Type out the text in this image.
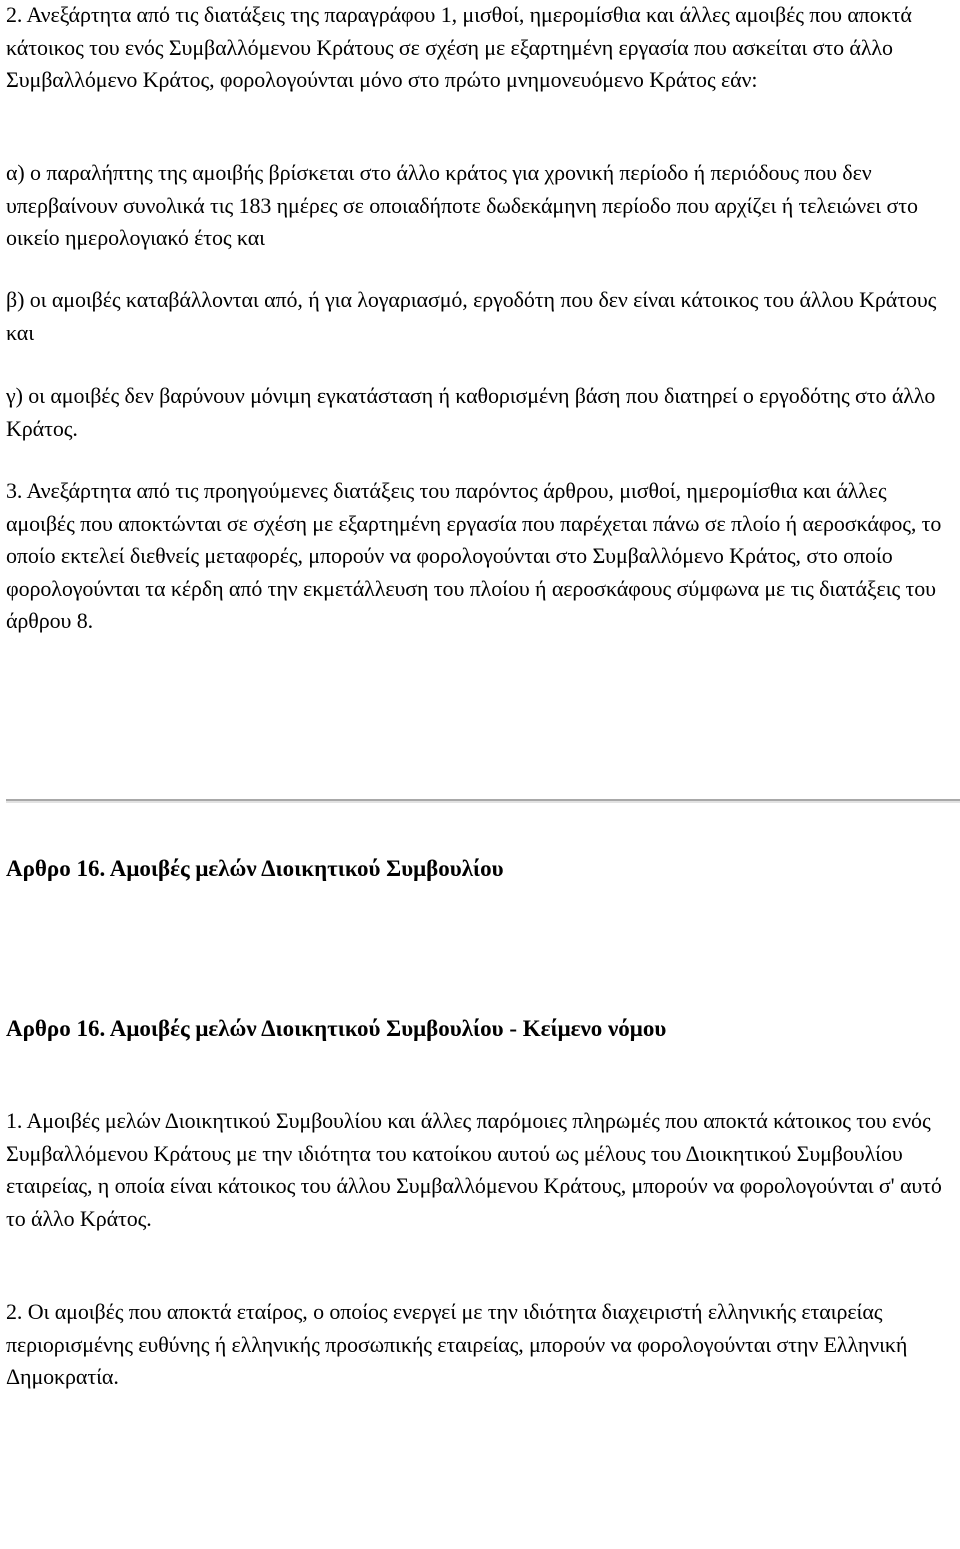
2. Ανεξάρτητα από τις διατάξεις της παραγράφου 1, μισθοί, ημερομίσθια και άλλες αμοιβές που αποκτά κάτοικος του ενός Συμβαλλόμενου Κράτους σε σχέση με εξαρτημένη εργασία που ασκείται στο άλλο Συμβαλλόμενο Κράτος, φορολογούνται μόνο στο πρώτο μνημονευόμενο Κράτος εάν:

α) ο παραλήπτης της αμοιβής βρίσκεται στο άλλο κράτος για χρονική περίοδο ή περιόδους που δεν υπερβαίνουν συνολικά τις 183 ημέρες σε οποιαδήποτε δωδεκάμηνη περίοδο που αρχίζει ή τελειώνει στο οικείο ημερολογιακό έτος και

β) οι αμοιβές καταβάλλονται από, ή για λογαριασμό, εργοδότη που δεν είναι κάτοικος του άλλου Κράτους και

γ) οι αμοιβές δεν βαρύνουν μόνιμη εγκατάσταση ή καθορισμένη βάση που διατηρεί ο εργοδότης στο άλλο Κράτος.

3. Ανεξάρτητα από τις προηγούμενες διατάξεις του παρόντος άρθρου, μισθοί, ημερομίσθια και άλλες αμοιβές που αποκτώνται σε σχέση με εξαρτημένη εργασία που παρέχεται πάνω σε πλοίο ή αεροσκάφος, το οποίο εκτελεί διεθνείς μεταφορές, μπορούν να φορολογούνται στο Συμβαλλόμενο Κράτος, στο οποίο φορολογούνται τα κέρδη από την εκμετάλλευση του πλοίου ή αεροσκάφους σύμφωνα με τις διατάξεις του άρθρου 8.

Αρθρο 16. Αμοιβές μελών Διοικητικού Συμβουλίου
Αρθρο 16. Αμοιβές μελών Διοικητικού Συμβουλίου - Κείμενο νόμου

1. Αμοιβές μελών Διοικητικού Συμβουλίου και άλλες παρόμοιες πληρωμές που αποκτά κάτοικος του ενός Συμβαλλόμενου Κράτους με την ιδιότητα του κατοίκου αυτού ως μέλους του Διοικητικού Συμβουλίου εταιρείας, η οποία είναι κάτοικος του άλλου Συμβαλλόμενου Κράτους, μπορούν να φορολογούνται σ' αυτό το άλλο Κράτος.

2. Οι αμοιβές που αποκτά εταίρος, ο οποίος ενεργεί με την ιδιότητα διαχειριστή ελληνικής εταιρείας περιορισμένης ευθύνης ή ελληνικής προσωπικής εταιρείας, μπορούν να φορολογούνται στην Ελληνική Δημοκρατία.
